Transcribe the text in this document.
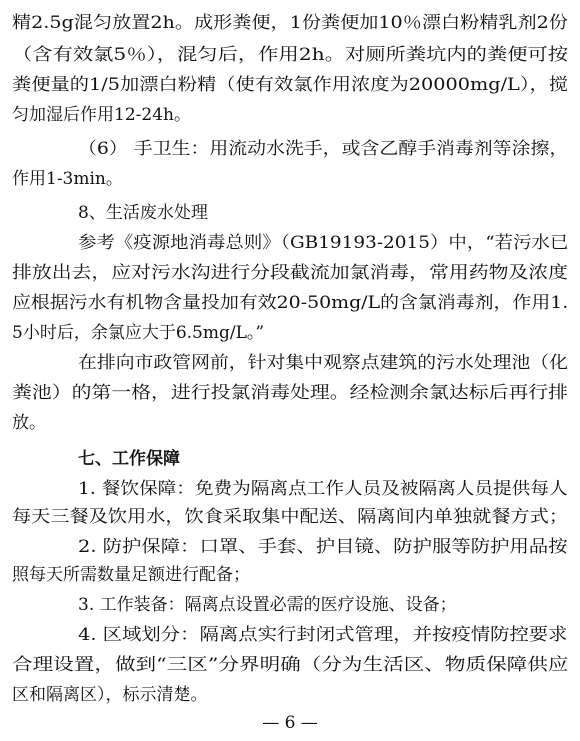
精2.5g混匀放置2h。成形粪便，1份粪便加10％漂白粉精乳剂2份
（含有效氯5％），混匀后，作用2h。对厕所粪坑内的粪便可按
粪便量的1/5加漂白粉精（使有效氯作用浓度为20000mg/L），搅
匀加湿后作用12-24h。
（6） 手卫生：用流动水洗手，或含乙醇手消毒剂等涂擦，
作用1-3min。
8、生活废水处理
参考《疫源地消毒总则》（GB19193-2015）中，“若污水已
排放出去，应对污水沟进行分段截流加氯消毒，常用药物及浓度
应根据污水有机物含量投加有效20-50mg/L的含氯消毒剂，作用1.
5小时后，余氯应大于6.5mg/L。”
在排向市政管网前，针对集中观察点建筑的污水处理池（化
粪池）的第一格，进行投氯消毒处理。经检测余氯达标后再行排
放。
七、工作保障
1. 餐饮保障：免费为隔离点工作人员及被隔离人员提供每人
每天三餐及饮用水，饮食采取集中配送、隔离间内单独就餐方式；
2. 防护保障：口罩、手套、护目镜、防护服等防护用品按
照每天所需数量足额进行配备；
3. 工作装备：隔离点设置必需的医疗设施、设备；
4. 区域划分：隔离点实行封闭式管理，并按疫情防控要求
合理设置，做到“三区”分界明确（分为生活区、物质保障供应
区和隔离区），标示清楚。
— 6 —
